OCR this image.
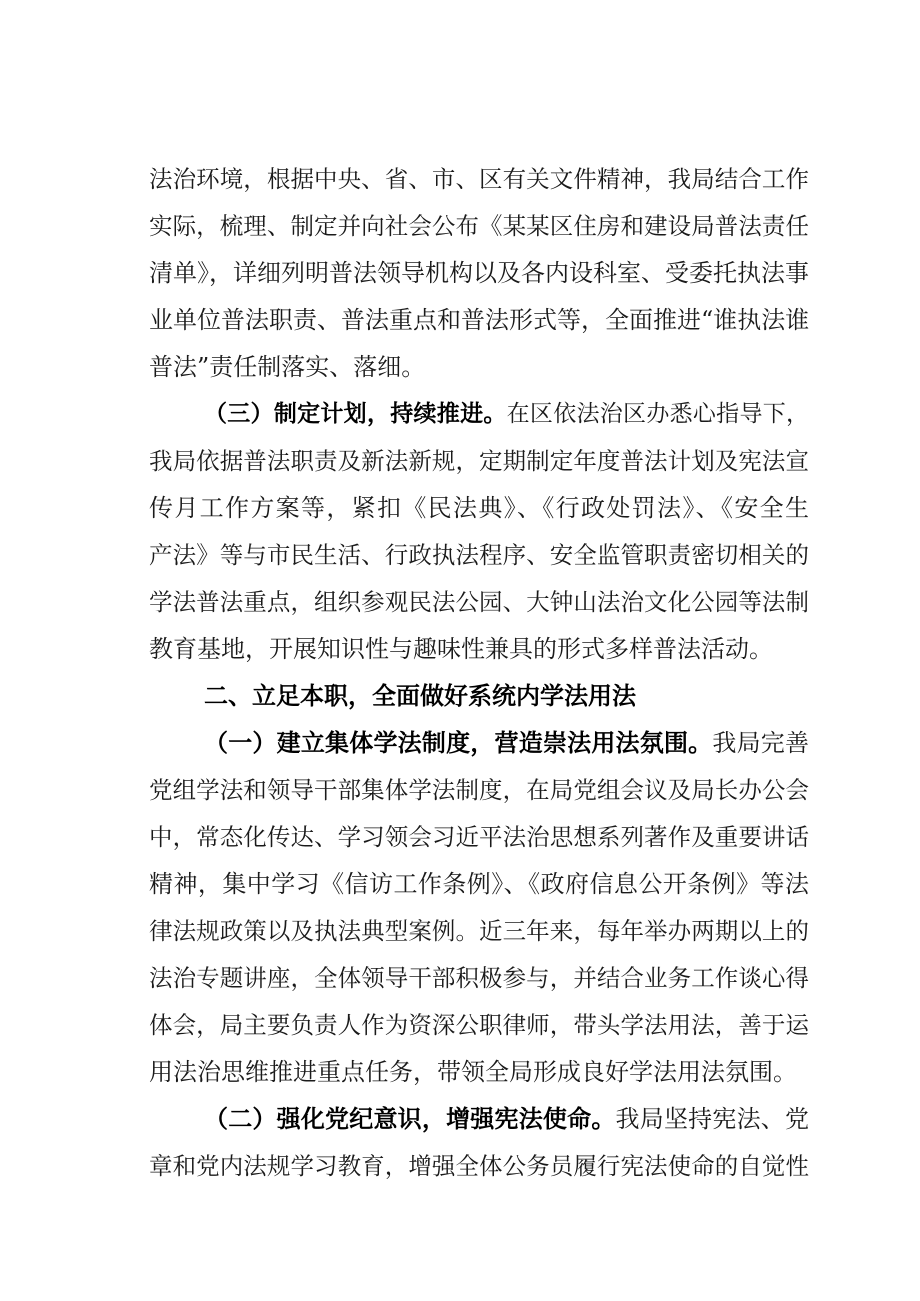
法治环境，根据中央、省、市、区有关文件精神，我局结合工作
实际，梳理、制定并向社会公布《某某区住房和建设局普法责任
清单》，详细列明普法领导机构以及各内设科室、受委托执法事
业单位普法职责、普法重点和普法形式等，全面推进“谁执法谁
普法”责任制落实、落细。
（三）制定计划，持续推进。在区依法治区办悉心指导下，
我局依据普法职责及新法新规，定期制定年度普法计划及宪法宣
传月工作方案等，紧扣《民法典》、《行政处罚法》、《安全生
产法》等与市民生活、行政执法程序、安全监管职责密切相关的
学法普法重点，组织参观民法公园、大钟山法治文化公园等法制
教育基地，开展知识性与趣味性兼具的形式多样普法活动。
二、立足本职，全面做好系统内学法用法
（一）建立集体学法制度，营造崇法用法氛围。我局完善
党组学法和领导干部集体学法制度，在局党组会议及局长办公会
中，常态化传达、学习领会习近平法治思想系列著作及重要讲话
精神，集中学习《信访工作条例》、《政府信息公开条例》等法
律法规政策以及执法典型案例。近三年来，每年举办两期以上的
法治专题讲座，全体领导干部积极参与，并结合业务工作谈心得
体会，局主要负责人作为资深公职律师，带头学法用法，善于运
用法治思维推进重点任务，带领全局形成良好学法用法氛围。
（二）强化党纪意识，增强宪法使命。我局坚持宪法、党
章和党内法规学习教育，增强全体公务员履行宪法使命的自觉性
